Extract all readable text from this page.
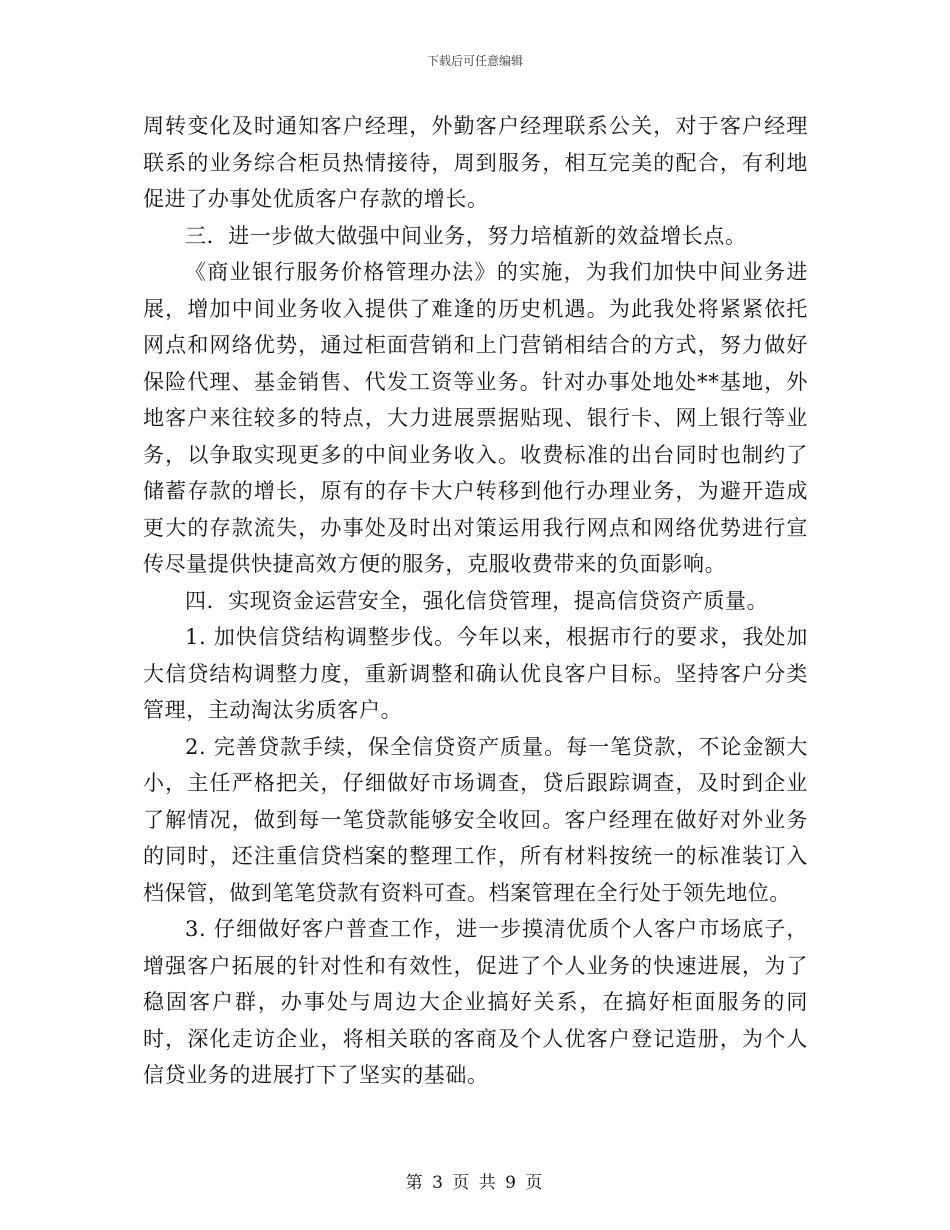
下载后可任意编辑

周转变化及时通知客户经理，外勤客户经理联系公关，对于客户经理联系的业务综合柜员热情接待，周到服务，相互完美的配合，有利地促进了办事处优质客户存款的增长。

三．进一步做大做强中间业务，努力培植新的效益增长点。

《商业银行服务价格管理办法》的实施，为我们加快中间业务进展，增加中间业务收入提供了难逢的历史机遇。为此我处将紧紧依托网点和网络优势，通过柜面营销和上门营销相结合的方式，努力做好保险代理、基金销售、代发工资等业务。针对办事处地处**基地，外地客户来往较多的特点，大力进展票据贴现、银行卡、网上银行等业务，以争取实现更多的中间业务收入。收费标准的出台同时也制约了储蓄存款的增长，原有的存卡大户转移到他行办理业务，为避开造成更大的存款流失，办事处及时出对策运用我行网点和网络优势进行宣传尽量提供快捷高效方便的服务，克服收费带来的负面影响。

四．实现资金运营安全，强化信贷管理，提高信贷资产质量。

1. 加快信贷结构调整步伐。今年以来，根据市行的要求，我处加大信贷结构调整力度，重新调整和确认优良客户目标。坚持客户分类管理，主动淘汰劣质客户。

2. 完善贷款手续，保全信贷资产质量。每一笔贷款，不论金额大小，主任严格把关，仔细做好市场调查，贷后跟踪调查，及时到企业了解情况，做到每一笔贷款能够安全收回。客户经理在做好对外业务的同时，还注重信贷档案的整理工作，所有材料按统一的标准装订入档保管，做到笔笔贷款有资料可查。档案管理在全行处于领先地位。

3. 仔细做好客户普查工作，进一步摸清优质个人客户市场底子，增强客户拓展的针对性和有效性，促进了个人业务的快速进展，为了稳固客户群，办事处与周边大企业搞好关系，在搞好柜面服务的同时，深化走访企业，将相关联的客商及个人优客户登记造册，为个人信贷业务的进展打下了坚实的基础。

第 3 页 共 9 页
